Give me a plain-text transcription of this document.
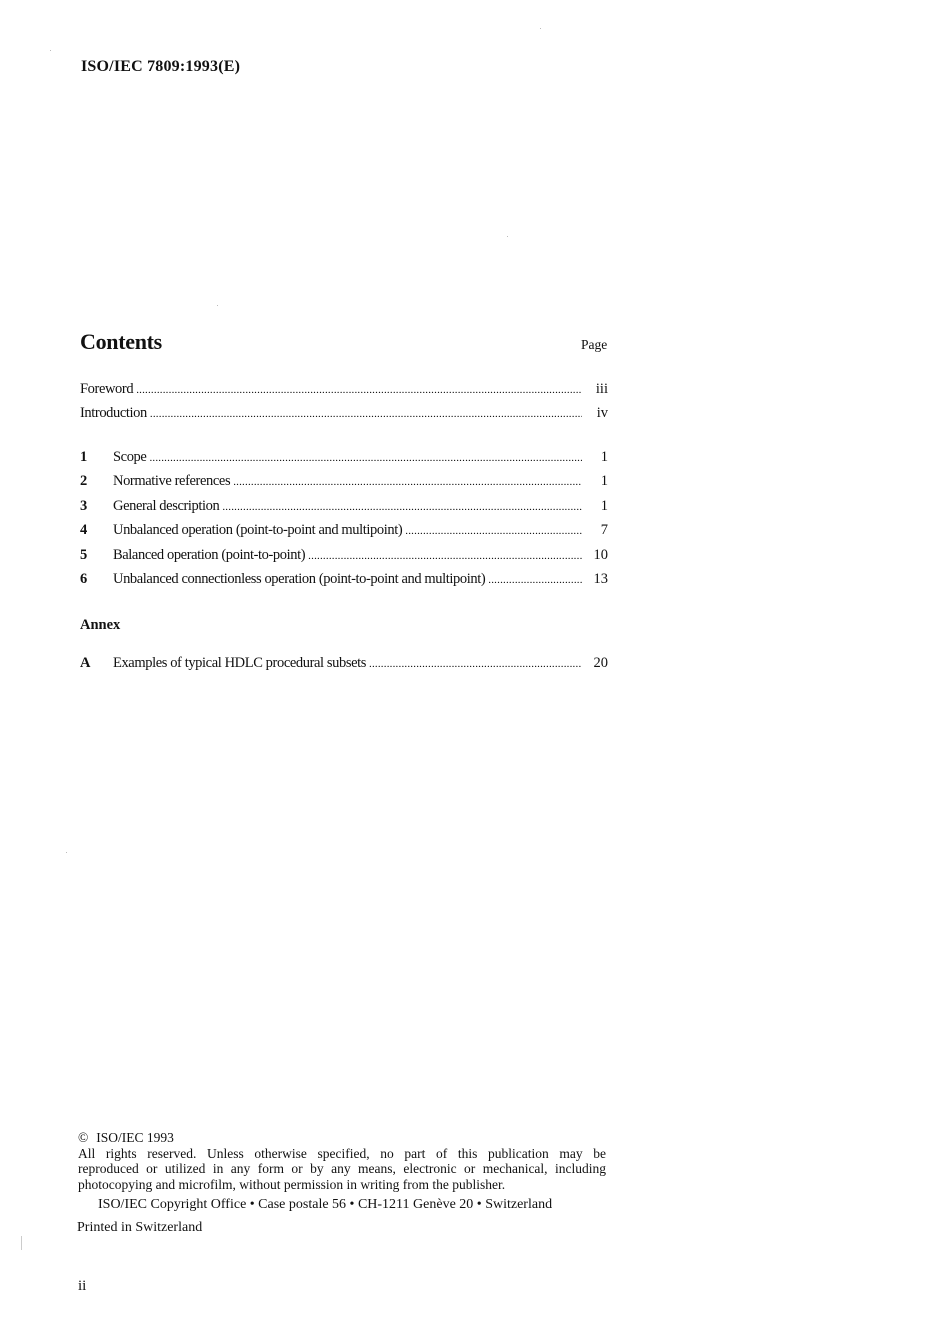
ISO/IEC 7809:1993(E)
Contents	Page
Foreword .....	iii
Introduction .....	iv
1	Scope .....	1
2	Normative references .....	1
3	General description .....	1
4	Unbalanced operation (point-to-point and multipoint) .....	7
5	Balanced operation (point-to-point) .....	10
6	Unbalanced connectionless operation (point-to-point and multipoint) .....	13
Annex
A	Examples of typical HDLC procedural subsets .....	20
© ISO/IEC 1993
All rights reserved. Unless otherwise specified, no part of this publication may be
reproduced or utilized in any form or by any means, electronic or mechanical, including
photocopying and microfilm, without permission in writing from the publisher.
ISO/IEC Copyright Office • Case postale 56 • CH-1211 Genève 20 • Switzerland
Printed in Switzerland
ii
